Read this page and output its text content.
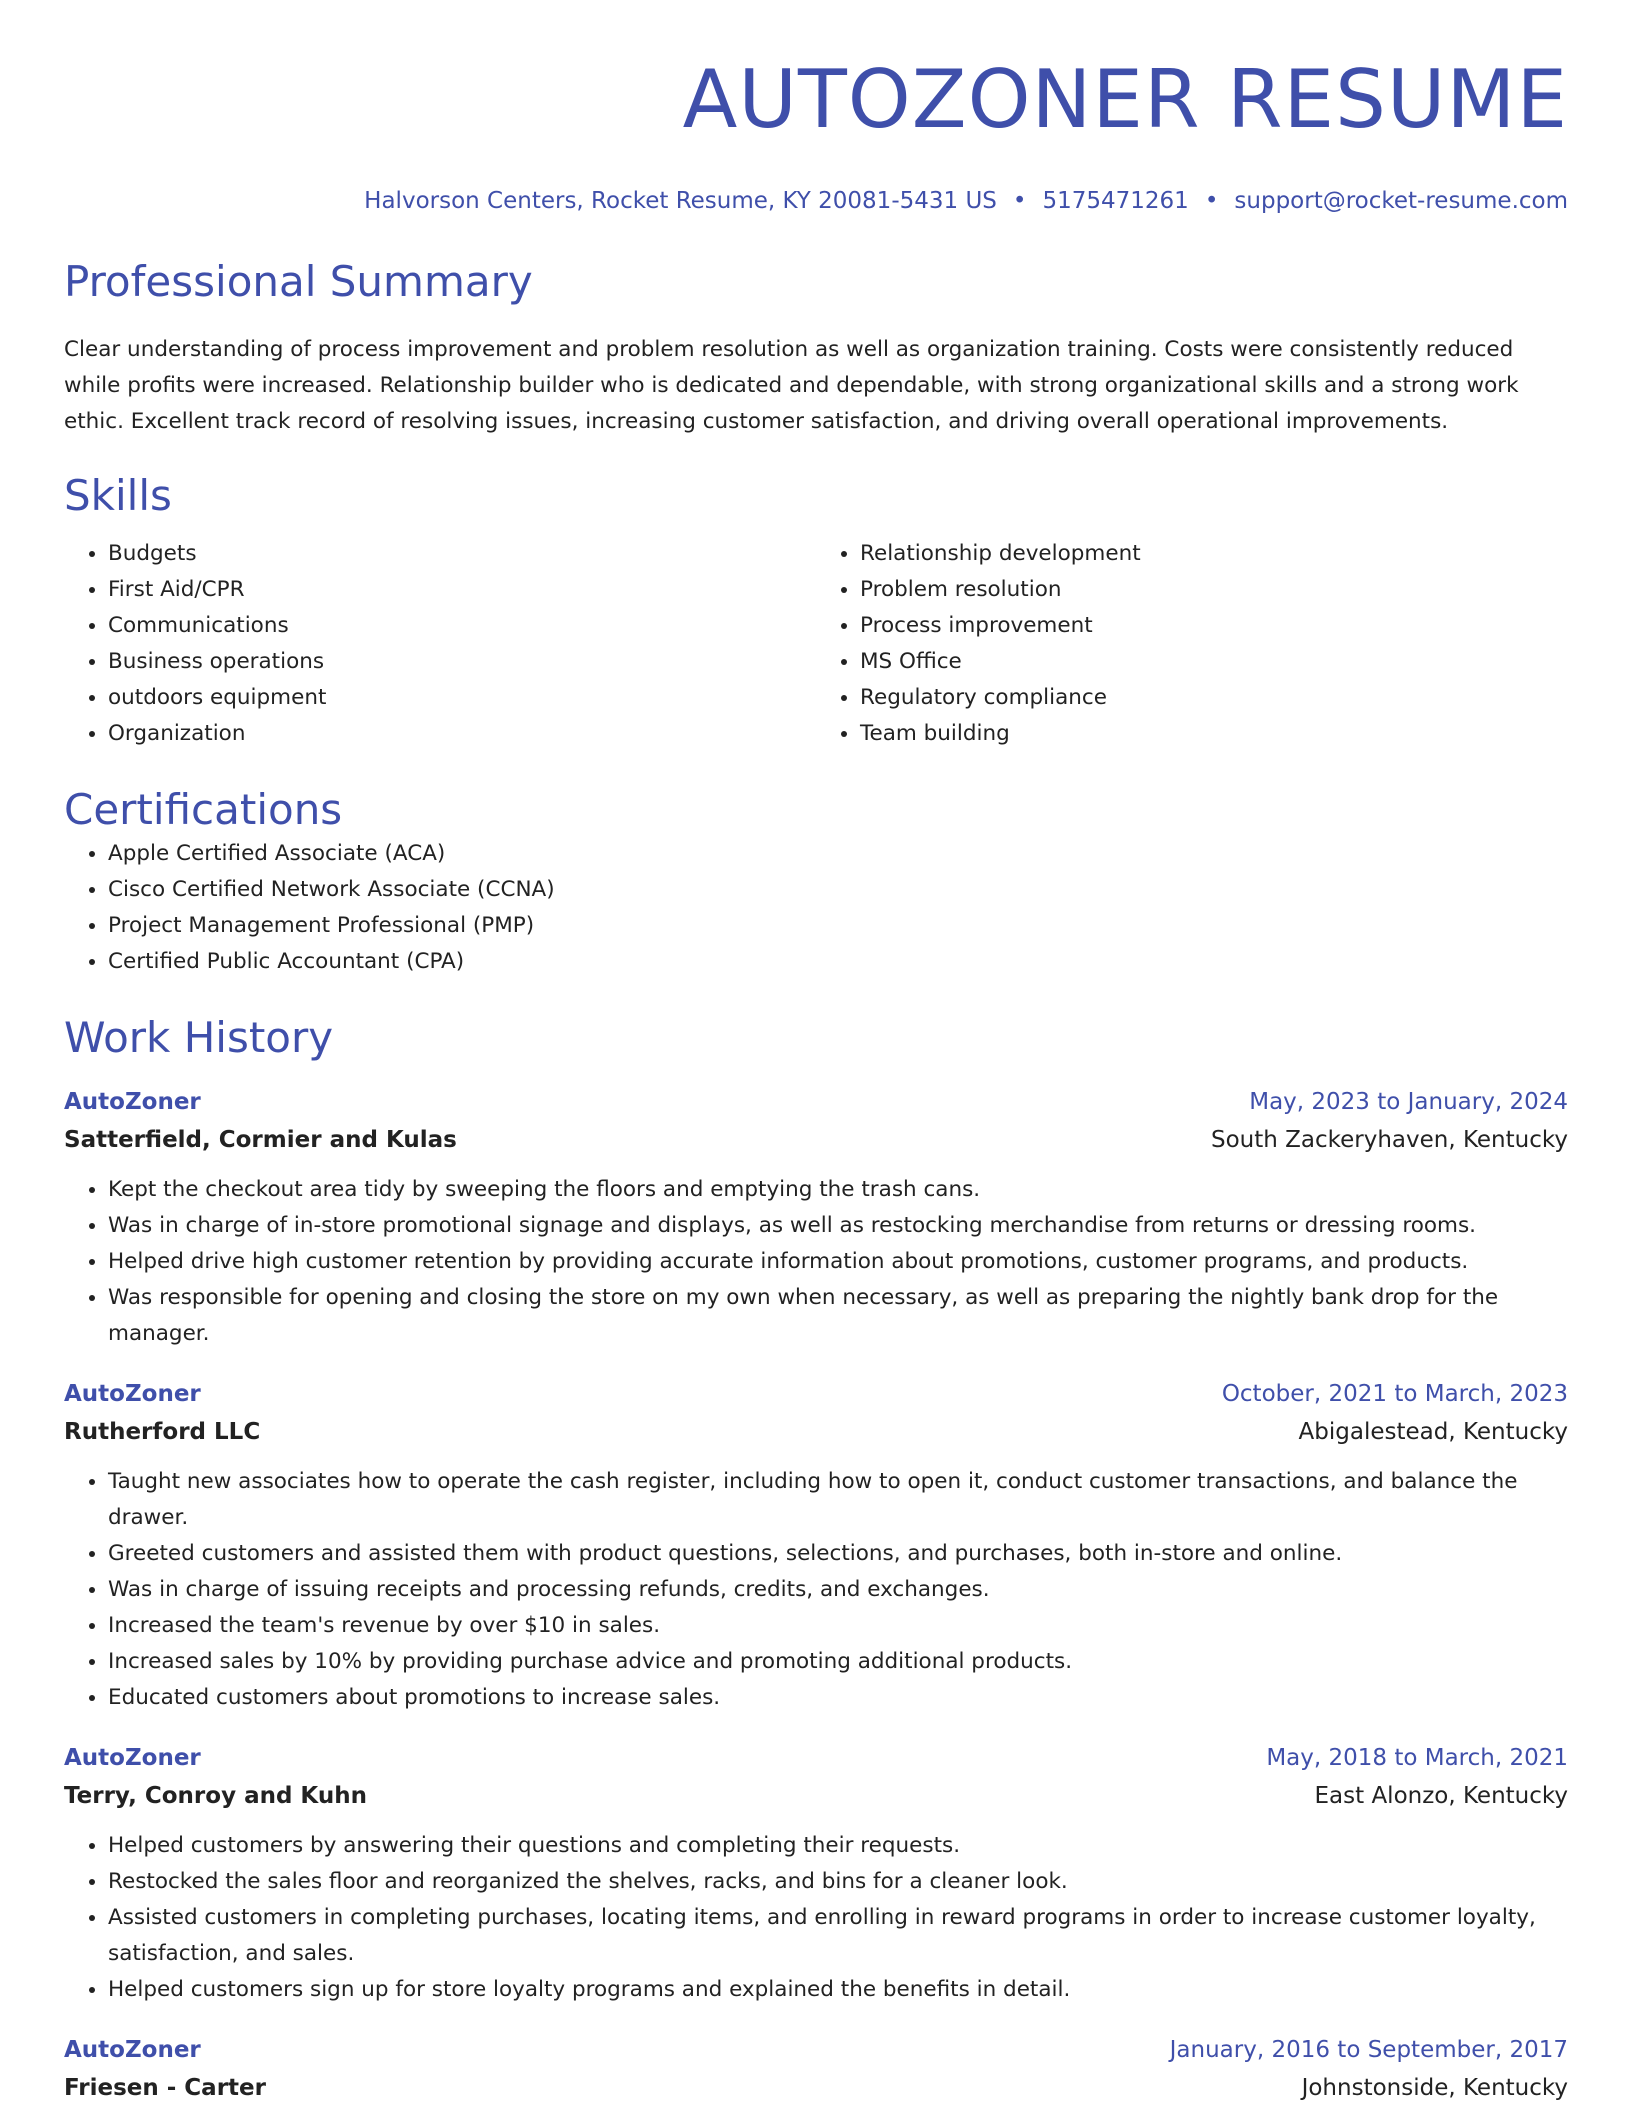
AUTOZONER RESUME
Halvorson Centers, Rocket Resume, KY 20081-5431 US • 5175471261 • support@rocket-resume.com
Professional Summary
Clear understanding of process improvement and problem resolution as well as organization training. Costs were consistently reduced while profits were increased. Relationship builder who is dedicated and dependable, with strong organizational skills and a strong work ethic. Excellent track record of resolving issues, increasing customer satisfaction, and driving overall operational improvements.
Skills
• Budgets
• First Aid/CPR
• Communications
• Business operations
• outdoors equipment
• Organization
• Relationship development
• Problem resolution
• Process improvement
• MS Office
• Regulatory compliance
• Team building
Certifications
• Apple Certified Associate (ACA)
• Cisco Certified Network Associate (CCNA)
• Project Management Professional (PMP)
• Certified Public Accountant (CPA)
Work History
AutoZoner	May, 2023 to January, 2024
Satterfield, Cormier and Kulas	South Zackeryhaven, Kentucky
• Kept the checkout area tidy by sweeping the floors and emptying the trash cans.
• Was in charge of in-store promotional signage and displays, as well as restocking merchandise from returns or dressing rooms.
• Helped drive high customer retention by providing accurate information about promotions, customer programs, and products.
• Was responsible for opening and closing the store on my own when necessary, as well as preparing the nightly bank drop for the manager.
AutoZoner	October, 2021 to March, 2023
Rutherford LLC	Abigalestead, Kentucky
• Taught new associates how to operate the cash register, including how to open it, conduct customer transactions, and balance the drawer.
• Greeted customers and assisted them with product questions, selections, and purchases, both in-store and online.
• Was in charge of issuing receipts and processing refunds, credits, and exchanges.
• Increased the team's revenue by over $10 in sales.
• Increased sales by 10% by providing purchase advice and promoting additional products.
• Educated customers about promotions to increase sales.
AutoZoner	May, 2018 to March, 2021
Terry, Conroy and Kuhn	East Alonzo, Kentucky
• Helped customers by answering their questions and completing their requests.
• Restocked the sales floor and reorganized the shelves, racks, and bins for a cleaner look.
• Assisted customers in completing purchases, locating items, and enrolling in reward programs in order to increase customer loyalty, satisfaction, and sales.
• Helped customers sign up for store loyalty programs and explained the benefits in detail.
AutoZoner	January, 2016 to September, 2017
Friesen - Carter	Johnstonside, Kentucky
